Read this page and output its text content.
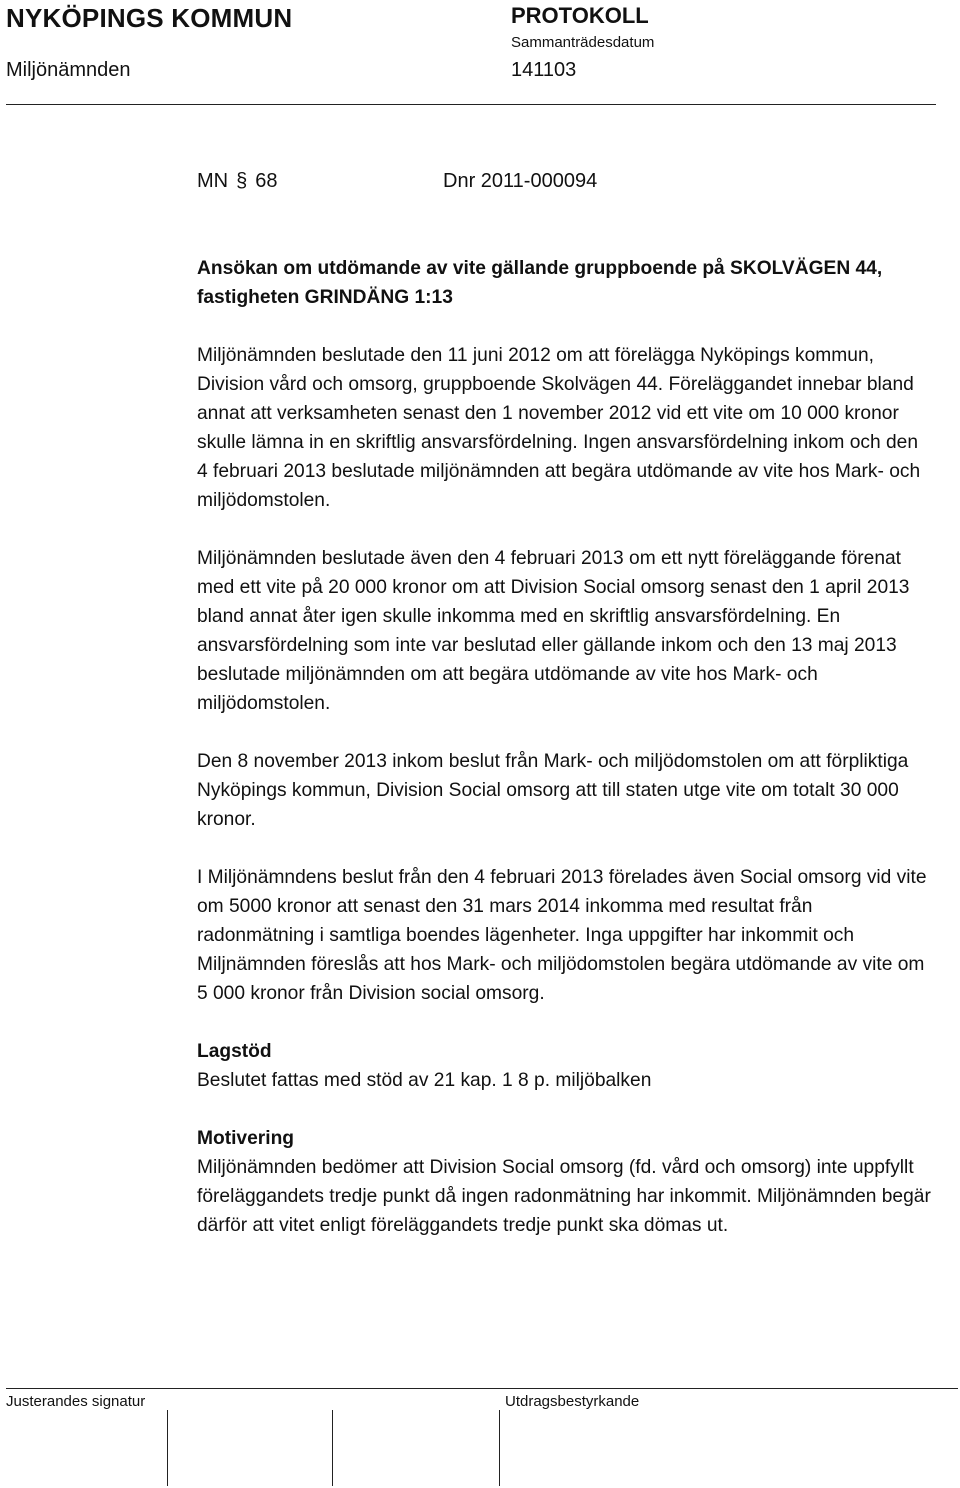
NYKÖPINGS KOMMUN	PROTOKOLL
Sammanträdesdatum
Miljönämnden	141103
MN § 68	Dnr 2011-000094

Ansökan om utdömande av vite gällande gruppboende på SKOLVÄGEN 44, fastigheten GRINDÄNG 1:13

Miljönämnden beslutade den 11 juni 2012 om att förelägga Nyköpings kommun, Division vård och omsorg, gruppboende Skolvägen 44. Föreläggandet innebar bland annat att verksamheten senast den 1 november 2012 vid ett vite om 10 000 kronor skulle lämna in en skriftlig ansvarsfördelning. Ingen ansvarsfördelning inkom och den 4 februari 2013 beslutade miljönämnden att begära utdömande av vite hos Mark- och miljödomstolen.

Miljönämnden beslutade även den 4 februari 2013 om ett nytt föreläggande förenat med ett vite på 20 000 kronor om att Division Social omsorg senast den 1 april 2013 bland annat åter igen skulle inkomma med en skriftlig ansvarsfördelning. En ansvarsfördelning som inte var beslutad eller gällande inkom och den 13 maj 2013 beslutade miljönämnden om att begära utdömande av vite hos Mark- och miljödomstolen.

Den 8 november 2013 inkom beslut från Mark- och miljödomstolen om att förpliktiga Nyköpings kommun, Division Social omsorg att till staten utge vite om totalt 30 000 kronor.

I Miljönämndens beslut från den 4 februari 2013 förelades även Social omsorg vid vite om 5000 kronor att senast den 31 mars 2014 inkomma med resultat från radonmätning i samtliga boendes lägenheter. Inga uppgifter har inkommit och Miljnämnden föreslås att hos Mark- och miljödomstolen begära utdömande av vite om 5 000 kronor från Division social omsorg.

Lagstöd

Beslutet fattas med stöd av 21 kap. 1 8 p. miljöbalken

Motivering

Miljönämnden bedömer att Division Social omsorg (fd. vård och omsorg) inte uppfyllt föreläggandets tredje punkt då ingen radonmätning har inkommit. Miljönämnden begär därför att vitet enligt föreläggandets tredje punkt ska dömas ut.

Justerandes signatur	Utdragsbestyrkande
